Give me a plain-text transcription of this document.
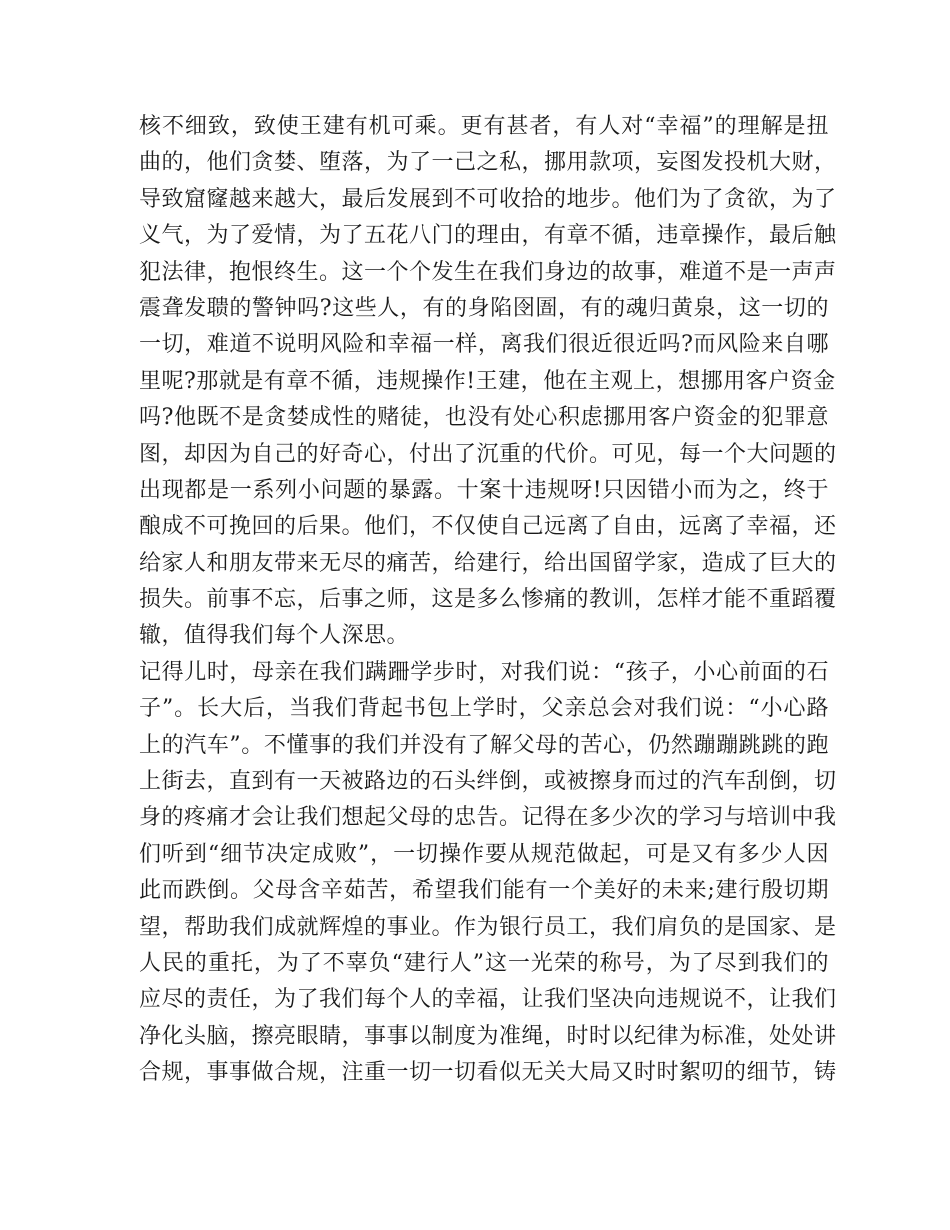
核不细致，致使王建有机可乘。更有甚者，有人对“幸福”的理解是扭
曲的，他们贪婪、堕落，为了一己之私，挪用款项，妄图发投机大财，
导致窟窿越来越大，最后发展到不可收拾的地步。他们为了贪欲，为了
义气，为了爱情，为了五花八门的理由，有章不循，违章操作，最后触
犯法律，抱恨终生。这一个个发生在我们身边的故事，难道不是一声声
震聋发聩的警钟吗?这些人，有的身陷囹圄，有的魂归黄泉，这一切的
一切，难道不说明风险和幸福一样，离我们很近很近吗?而风险来自哪
里呢?那就是有章不循，违规操作!王建，他在主观上，想挪用客户资金
吗?他既不是贪婪成性的赌徒，也没有处心积虑挪用客户资金的犯罪意
图，却因为自己的好奇心，付出了沉重的代价。可见，每一个大问题的
出现都是一系列小问题的暴露。十案十违规呀!只因错小而为之，终于
酿成不可挽回的后果。他们，不仅使自己远离了自由，远离了幸福，还
给家人和朋友带来无尽的痛苦，给建行，给出国留学家，造成了巨大的
损失。前事不忘，后事之师，这是多么惨痛的教训，怎样才能不重蹈覆
辙，值得我们每个人深思。
记得儿时，母亲在我们蹒跚学步时，对我们说：“孩子，小心前面的石
子”。长大后，当我们背起书包上学时，父亲总会对我们说：“小心路
上的汽车”。不懂事的我们并没有了解父母的苦心，仍然蹦蹦跳跳的跑
上街去，直到有一天被路边的石头绊倒，或被擦身而过的汽车刮倒，切
身的疼痛才会让我们想起父母的忠告。记得在多少次的学习与培训中我
们听到“细节决定成败”，一切操作要从规范做起，可是又有多少人因
此而跌倒。父母含辛茹苦，希望我们能有一个美好的未来;建行殷切期
望，帮助我们成就辉煌的事业。作为银行员工，我们肩负的是国家、是
人民的重托，为了不辜负“建行人”这一光荣的称号，为了尽到我们的
应尽的责任，为了我们每个人的幸福，让我们坚决向违规说不，让我们
净化头脑，擦亮眼睛，事事以制度为准绳，时时以纪律为标准，处处讲
合规，事事做合规，注重一切一切看似无关大局又时时絮叨的细节，铸
